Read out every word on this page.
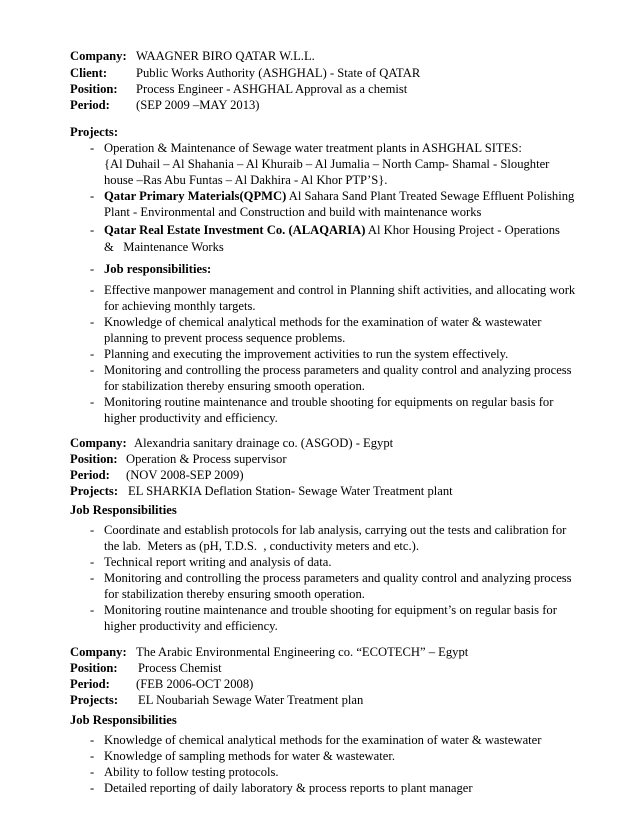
Company: WAAGNER BIRO QATAR W.L.L.
Client: Public Works Authority (ASHGHAL) - State of QATAR
Position: Process Engineer - ASHGHAL Approval as a chemist
Period: (SEP 2009 –MAY 2013)
Projects:
- Operation & Maintenance of Sewage water treatment plants in ASHGHAL SITES:
{Al Duhail – Al Shahania – Al Khuraib – Al Jumalia – North Camp- Shamal - Sloughter
house –Ras Abu Funtas – Al Dakhira - Al Khor PTP’S}.
- Qatar Primary Materials(QPMC) Al Sahara Sand Plant Treated Sewage Effluent Polishing
Plant - Environmental and Construction and build with maintenance works
- Qatar Real Estate Investment Co. (ALAQARIA) Al Khor Housing Project - Operations
&   Maintenance Works
- Job responsibilities:
- Effective manpower management and control in Planning shift activities, and allocating work
for achieving monthly targets.
- Knowledge of chemical analytical methods for the examination of water & wastewater
planning to prevent process sequence problems.
- Planning and executing the improvement activities to run the system effectively.
- Monitoring and controlling the process parameters and quality control and analyzing process
for stabilization thereby ensuring smooth operation.
- Monitoring routine maintenance and trouble shooting for equipments on regular basis for
higher productivity and efficiency.
Company: Alexandria sanitary drainage co. (ASGOD) - Egypt
Position: Operation & Process supervisor
Period: (NOV 2008-SEP 2009)
Projects: EL SHARKIA Deflation Station- Sewage Water Treatment plant
Job Responsibilities
- Coordinate and establish protocols for lab analysis, carrying out the tests and calibration for
the lab.  Meters as (pH, T.D.S.  , conductivity meters and etc.).
- Technical report writing and analysis of data.
- Monitoring and controlling the process parameters and quality control and analyzing process
for stabilization thereby ensuring smooth operation.
- Monitoring routine maintenance and trouble shooting for equipment’s on regular basis for
higher productivity and efficiency.
Company: The Arabic Environmental Engineering co. “ECOTECH” – Egypt
Position: Process Chemist
Period: (FEB 2006-OCT 2008)
Projects: EL Noubariah Sewage Water Treatment plan
Job Responsibilities
- Knowledge of chemical analytical methods for the examination of water & wastewater
- Knowledge of sampling methods for water & wastewater.
- Ability to follow testing protocols.
- Detailed reporting of daily laboratory & process reports to plant manager
